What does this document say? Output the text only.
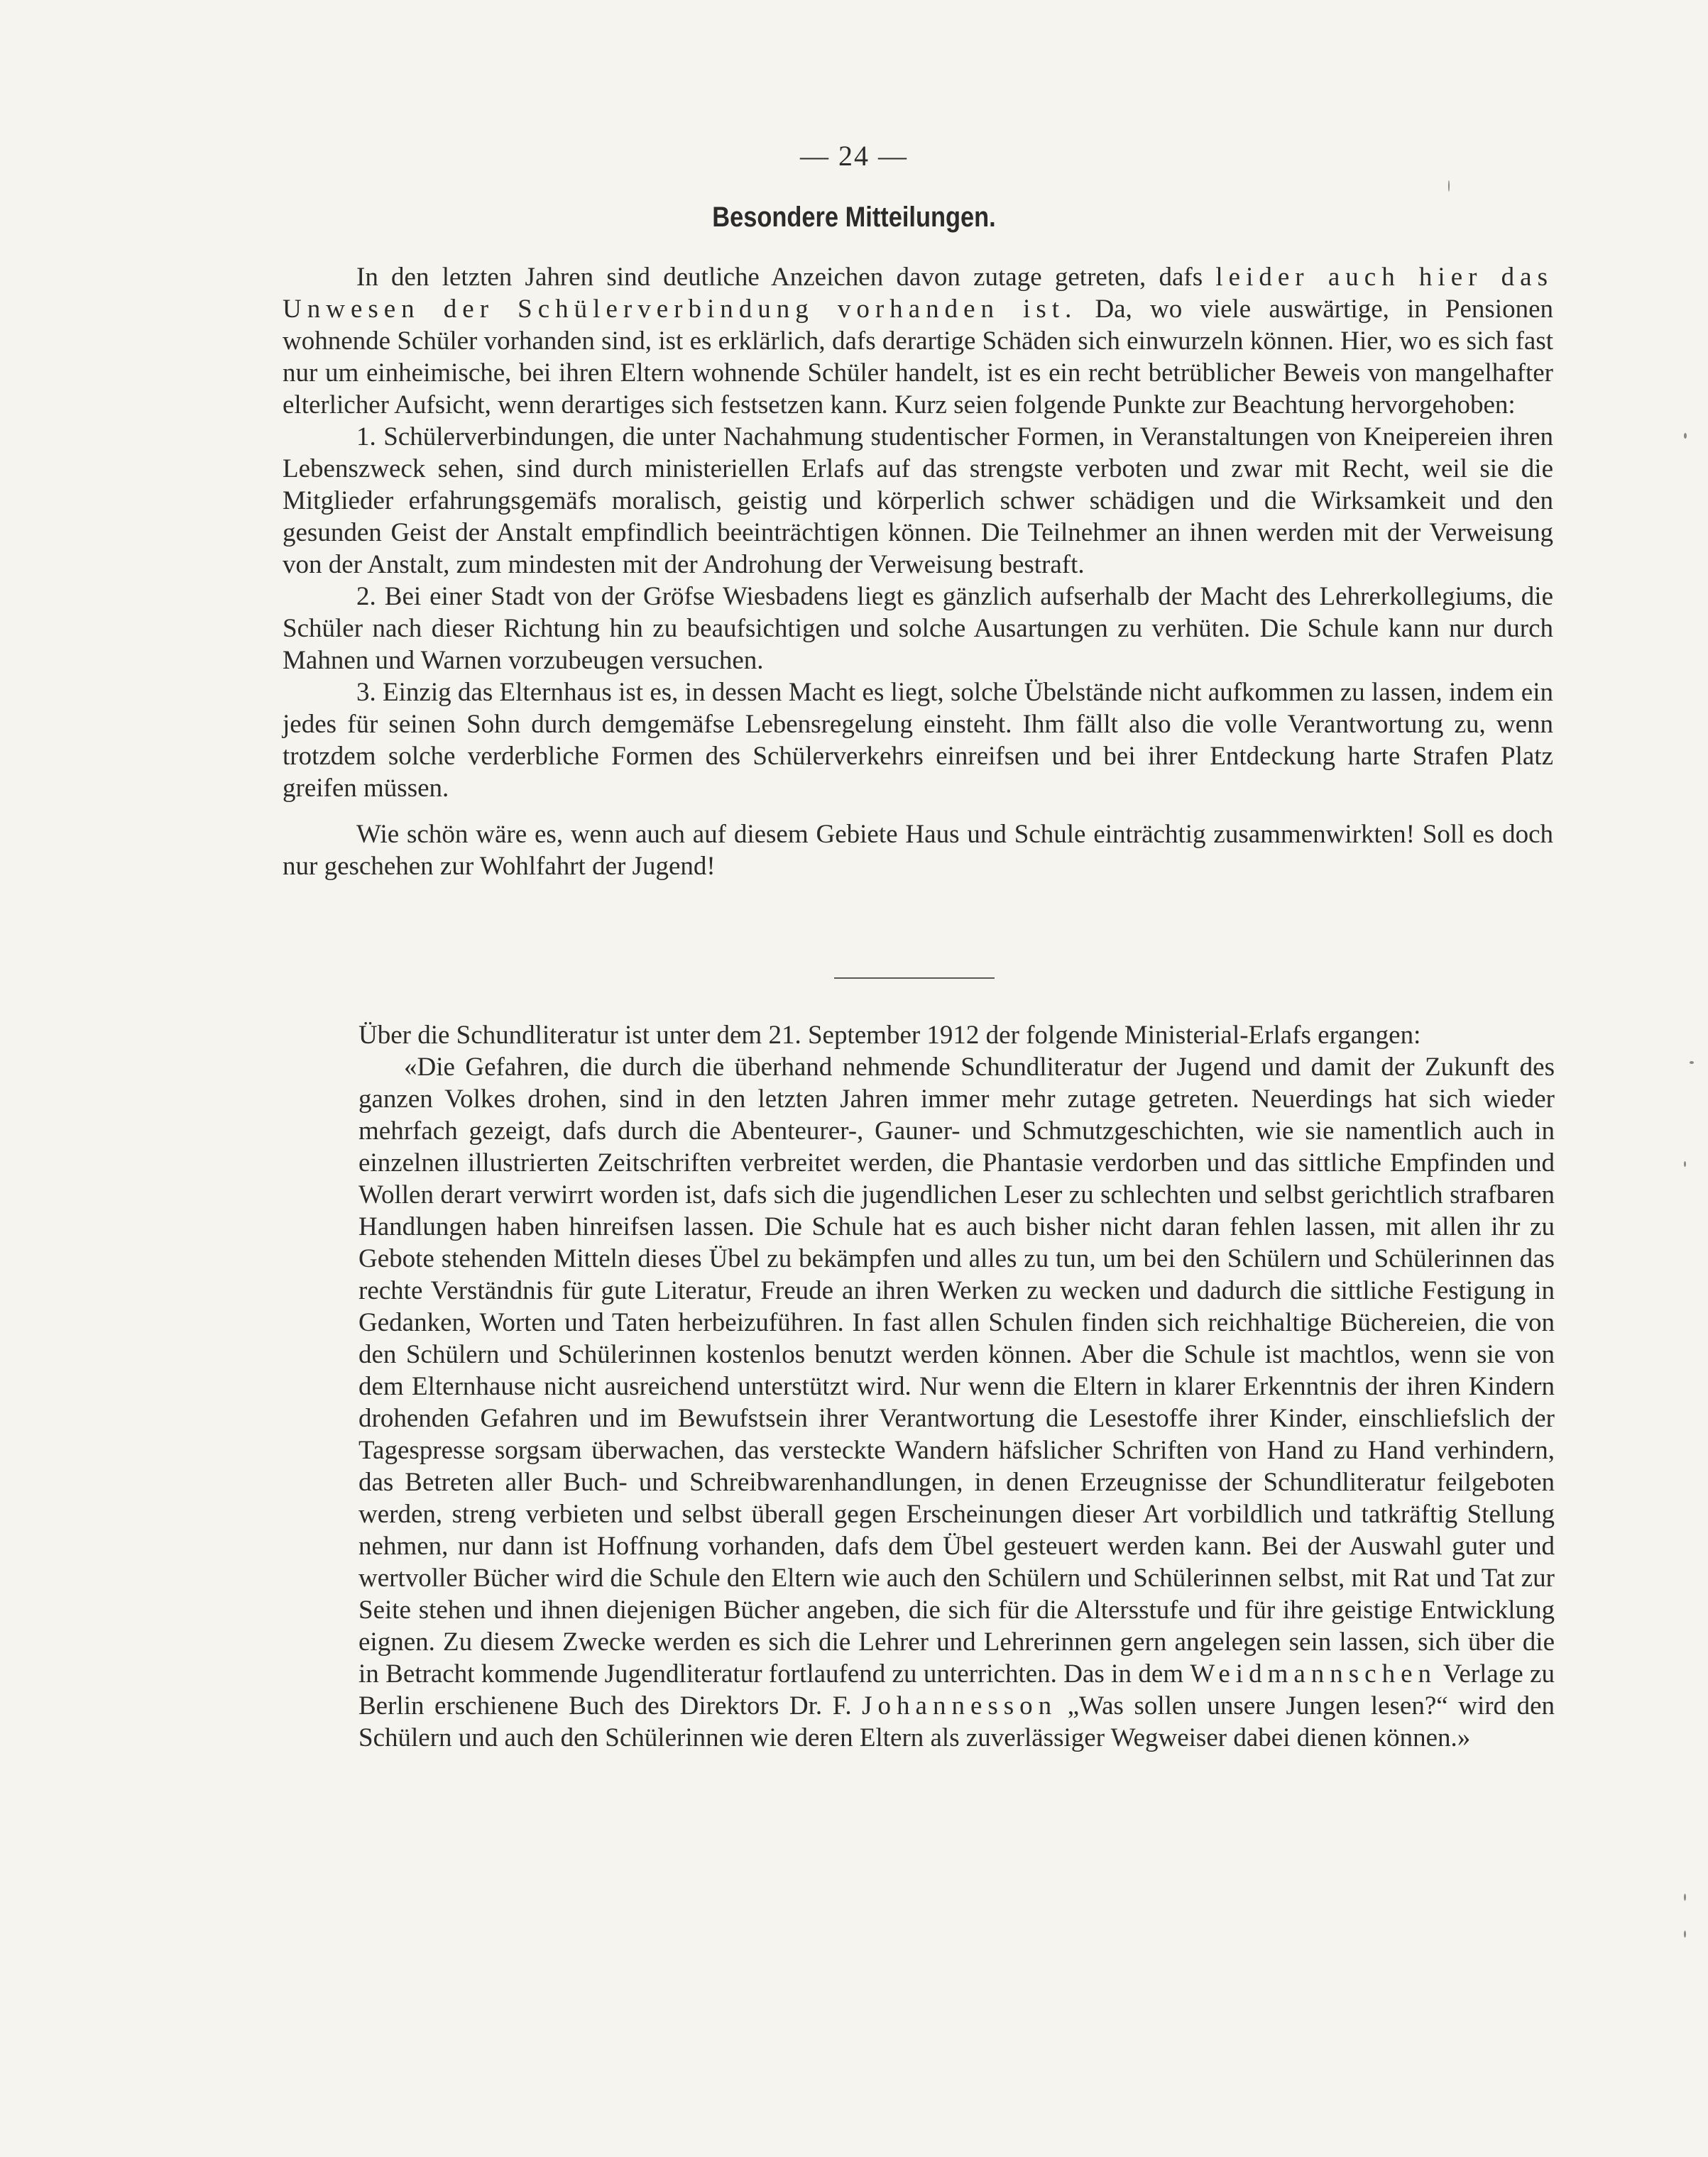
— 24 —
Besondere Mitteilungen.

In den letzten Jahren sind deutliche Anzeichen davon zutage getreten, dafs leider auch hier das Unwesen der Schülerverbindung vorhanden ist. Da, wo viele auswärtige, in Pensionen wohnende Schüler vorhanden sind, ist es erklärlich, dafs derartige Schäden sich einwurzeln können. Hier, wo es sich fast nur um einheimische, bei ihren Eltern wohnende Schüler handelt, ist es ein recht betrüblicher Beweis von mangelhafter elterlicher Aufsicht, wenn derartiges sich festsetzen kann. Kurz seien folgende Punkte zur Beachtung hervorgehoben:

1. Schülerverbindungen, die unter Nachahmung studentischer Formen, in Veranstaltungen von Kneipereien ihren Lebenszweck sehen, sind durch ministeriellen Erlafs auf das strengste verboten und zwar mit Recht, weil sie die Mitglieder erfahrungsgemäfs moralisch, geistig und körperlich schwer schädigen und die Wirksamkeit und den gesunden Geist der Anstalt empfindlich beeinträchtigen können. Die Teilnehmer an ihnen werden mit der Verweisung von der Anstalt, zum mindesten mit der Androhung der Verweisung bestraft.

2. Bei einer Stadt von der Gröfse Wiesbadens liegt es gänzlich aufserhalb der Macht des Lehrerkollegiums, die Schüler nach dieser Richtung hin zu beaufsichtigen und solche Ausartungen zu verhüten. Die Schule kann nur durch Mahnen und Warnen vorzubeugen versuchen.

3. Einzig das Elternhaus ist es, in dessen Macht es liegt, solche Übelstände nicht aufkommen zu lassen, indem ein jedes für seinen Sohn durch demgemäfse Lebensregelung einsteht. Ihm fällt also die volle Verantwortung zu, wenn trotzdem solche verderbliche Formen des Schülerverkehrs einreifsen und bei ihrer Entdeckung harte Strafen Platz greifen müssen.

Wie schön wäre es, wenn auch auf diesem Gebiete Haus und Schule einträchtig zusammenwirkten! Soll es doch nur geschehen zur Wohlfahrt der Jugend!

Über die Schundliteratur ist unter dem 21. September 1912 der folgende Ministerial-Erlafs ergangen:

«Die Gefahren, die durch die überhand nehmende Schundliteratur der Jugend und damit der Zukunft des ganzen Volkes drohen, sind in den letzten Jahren immer mehr zutage getreten. Neuerdings hat sich wieder mehrfach gezeigt, dafs durch die Abenteurer-, Gauner- und Schmutzgeschichten, wie sie namentlich auch in einzelnen illustrierten Zeitschriften verbreitet werden, die Phantasie verdorben und das sittliche Empfinden und Wollen derart verwirrt worden ist, dafs sich die jugendlichen Leser zu schlechten und selbst gerichtlich strafbaren Handlungen haben hinreifsen lassen. Die Schule hat es auch bisher nicht daran fehlen lassen, mit allen ihr zu Gebote stehenden Mitteln dieses Übel zu bekämpfen und alles zu tun, um bei den Schülern und Schülerinnen das rechte Verständnis für gute Literatur, Freude an ihren Werken zu wecken und dadurch die sittliche Festigung in Gedanken, Worten und Taten herbeizuführen. In fast allen Schulen finden sich reichhaltige Büchereien, die von den Schülern und Schülerinnen kostenlos benutzt werden können. Aber die Schule ist machtlos, wenn sie von dem Elternhause nicht ausreichend unterstützt wird. Nur wenn die Eltern in klarer Erkenntnis der ihren Kindern drohenden Gefahren und im Bewufstsein ihrer Verantwortung die Lesestoffe ihrer Kinder, einschliefslich der Tagespresse sorgsam überwachen, das versteckte Wandern häfslicher Schriften von Hand zu Hand verhindern, das Betreten aller Buch- und Schreibwarenhandlungen, in denen Erzeugnisse der Schundliteratur feilgeboten werden, streng verbieten und selbst überall gegen Erscheinungen dieser Art vorbildlich und tatkräftig Stellung nehmen, nur dann ist Hoffnung vorhanden, dafs dem Übel gesteuert werden kann. Bei der Auswahl guter und wertvoller Bücher wird die Schule den Eltern wie auch den Schülern und Schülerinnen selbst, mit Rat und Tat zur Seite stehen und ihnen diejenigen Bücher angeben, die sich für die Altersstufe und für ihre geistige Entwicklung eignen. Zu diesem Zwecke werden es sich die Lehrer und Lehrerinnen gern angelegen sein lassen, sich über die in Betracht kommende Jugendliteratur fortlaufend zu unterrichten. Das in dem Weidmannschen Verlage zu Berlin erschienene Buch des Direktors Dr. F. Johannesson „Was sollen unsere Jungen lesen?“ wird den Schülern und auch den Schülerinnen wie deren Eltern als zuverlässiger Wegweiser dabei dienen können.»
